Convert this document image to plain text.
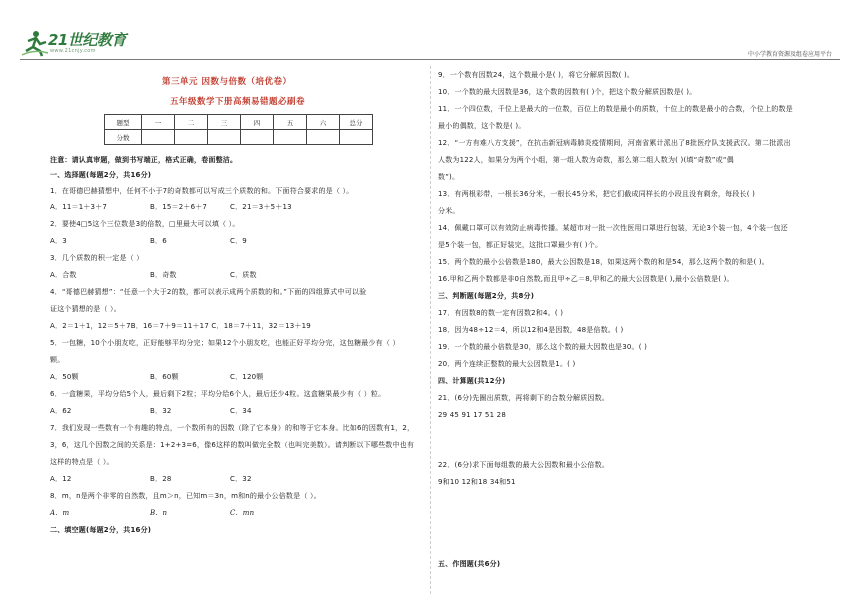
21世纪教育
www.21cnjy.com	中小学教育资源及组卷应用平台
第三单元 因数与倍数（培优卷）
五年级数学下册高频易错题必刷卷
题型	一	二	三	四	五	六	总分
分数							
注意：请认真审题，做到书写端正，格式正确，卷面整洁。
一、选择题(每题2分，共16分)
1．在哥德巴赫猜想中，任何不小于7的奇数都可以写成三个质数的和。下面符合要求的是（ ）。
A．11＝1＋3＋7	B．15＝2＋6＋7	C．21＝3＋5＋13
2．要使4□5这个三位数是3的倍数，□里最大可以填（ ）。
A．3	B．6	C．9
3．几个质数的积一定是（ ）
A．合数	B．奇数	C．质数
4．“哥德巴赫猜想”：“任意一个大于2的数，都可以表示成两个质数的和。”下面的四组算式中可以验
证这个猜想的是（ ）。
A．2＝1＋1，12＝5＋7B．16＝7＋9＝11＋17 C．18＝7＋11，32＝13＋19
5．一包糖，10个小朋友吃，正好能够平均分完；如果12个小朋友吃，也能正好平均分完，这包糖最少有（ ）
颗。
A．50颗	B．60颗	C．120颗
6．一盒糖果，平均分给5个人，最后剩下2粒；平均分给6个人，最后还少4粒。这盒糖果最少有（ ）粒。
A．62	B．32	C．34
7．我们发现一些数有一个有趣的特点，一个数所有的因数（除了它本身）的和等于它本身。比如6的因数有1，2，
3，6，这几个因数之间的关系是：1+2+3=6，像6这样的数叫做完全数（也叫完美数）。请判断以下哪些数中也有
这样的特点是（ ）。
A．12	B．28	C．32
8．m，n是两个非零的自然数，且m＞n，已知m＝3n，m和n的最小公倍数是（ ）。
A．m	B．n	C．mn
二、填空题(每题2分，共16分)
9．一个数有因数24，这个数最小是( )，将它分解质因数( )。
10．一个数的最大因数是36，这个数的因数有( )个，把这个数分解质因数是( )。
11．一个四位数，千位上是最大的一位数，百位上的数是最小的质数，十位上的数是最小的合数，个位上的数是
最小的偶数，这个数是( )。
12．“一方有难八方支援”，在抗击新冠病毒肺炎疫情期间，河南省累计派出了8批医疗队支援武汉。第二批派出
人数为122人，如果分为两个小组，第一组人数为奇数，那么第二组人数为( )(填“奇数”或“偶
数”)。
13．有两根彩带，一根长36分米，一根长45分米，把它们截成同样长的小段且没有剩余，每段长( )
分米。
14．佩戴口罩可以有效防止病毒传播。某超市对一批一次性医用口罩进行包装，无论3个装一包，4个装一包还
是5个装一包，都正好装完，这批口罩最少有( )个。
15．两个数的最小公倍数是180，最大公因数是18，如果这两个数的和是54，那么这两个数的和是( )。
16.甲和乙两个数都是非0自然数,而且甲÷乙＝8,甲和乙的最大公因数是( ),最小公倍数是( )。
三、判断题(每题2分，共8分)
17．有因数8的数一定有因数2和4。( )
18．因为48÷12＝4，所以12和4是因数，48是倍数。( )
19．一个数的最小倍数是30，那么这个数的最大因数也是30。( )
20．两个连续正整数的最大公因数是1。( )
四、计算题(共12分)
21．(6分)先圈出质数，再将剩下的合数分解质因数。
29 45 91 17 51 28
22．(6分)求下面每组数的最大公因数和最小公倍数。
9和10 12和18 34和51
五、作图题(共6分)
